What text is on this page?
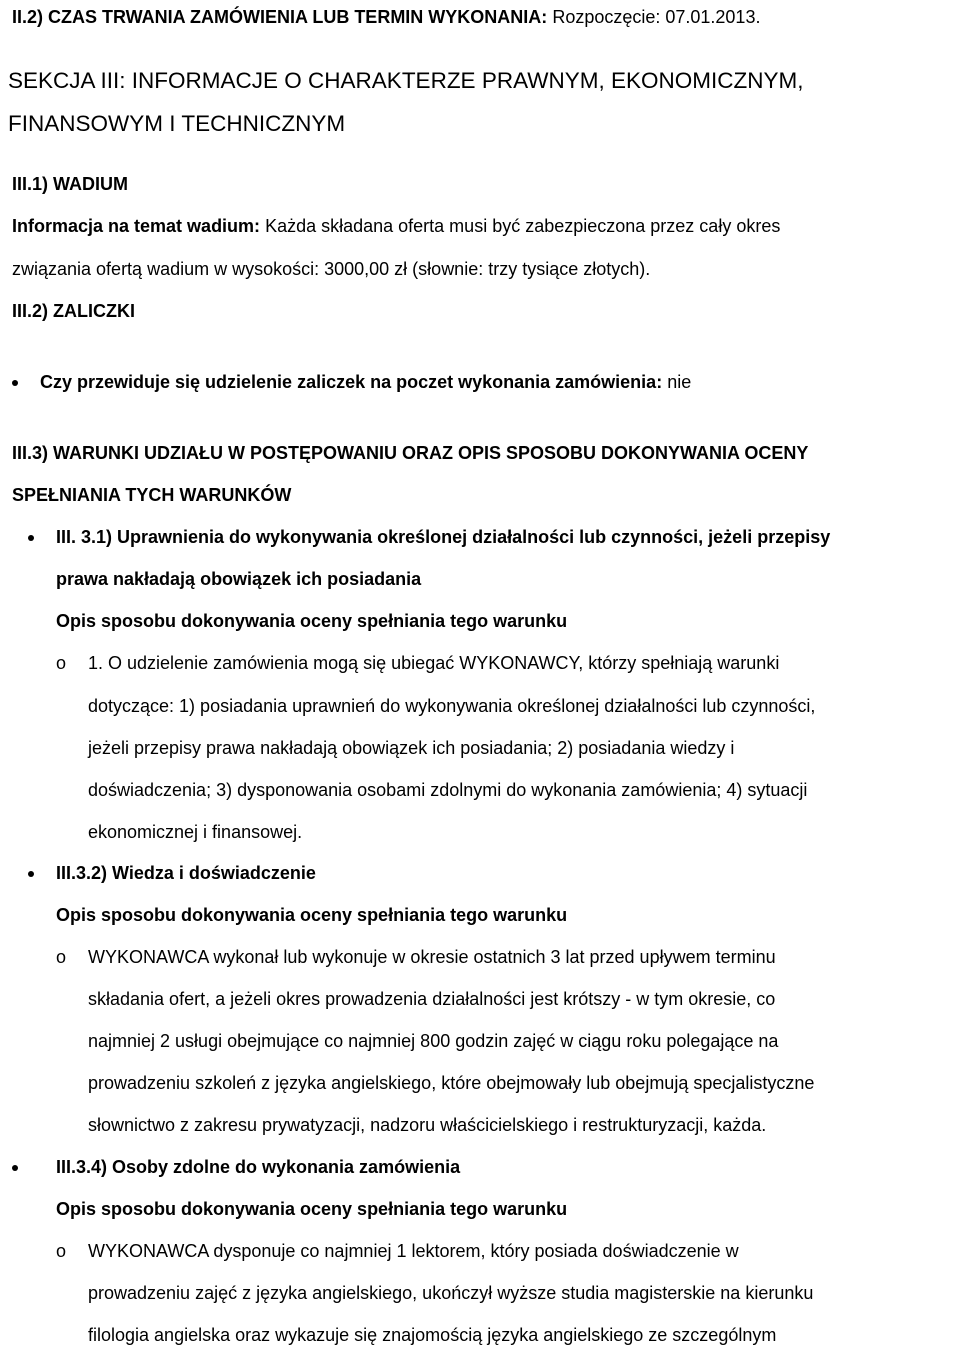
II.2) CZAS TRWANIA ZAMÓWIENIA LUB TERMIN WYKONANIA: Rozpoczęcie: 07.01.2013.
SEKCJA III: INFORMACJE O CHARAKTERZE PRAWNYM, EKONOMICZNYM,
FINANSOWYM I TECHNICZNYM
III.1) WADIUM
Informacja na temat wadium: Każda składana oferta musi być zabezpieczona przez cały okres
związania ofertą wadium w wysokości: 3000,00 zł (słownie: trzy tysiące złotych).
III.2) ZALICZKI
Czy przewiduje się udzielenie zaliczek na poczet wykonania zamówienia: nie
III.3) WARUNKI UDZIAŁU W POSTĘPOWANIU ORAZ OPIS SPOSOBU DOKONYWANIA OCENY
SPEŁNIANIA TYCH WARUNKÓW
III. 3.1) Uprawnienia do wykonywania określonej działalności lub czynności, jeżeli przepisy
prawa nakładają obowiązek ich posiadania
Opis sposobu dokonywania oceny spełniania tego warunku
o 1. O udzielenie zamówienia mogą się ubiegać WYKONAWCY, którzy spełniają warunki
dotyczące: 1) posiadania uprawnień do wykonywania określonej działalności lub czynności,
jeżeli przepisy prawa nakładają obowiązek ich posiadania; 2) posiadania wiedzy i
doświadczenia; 3) dysponowania osobami zdolnymi do wykonania zamówienia; 4) sytuacji
ekonomicznej i finansowej.
III.3.2) Wiedza i doświadczenie
Opis sposobu dokonywania oceny spełniania tego warunku
o WYKONAWCA wykonał lub wykonuje w okresie ostatnich 3 lat przed upływem terminu
składania ofert, a jeżeli okres prowadzenia działalności jest krótszy - w tym okresie, co
najmniej 2 usługi obejmujące co najmniej 800 godzin zajęć w ciągu roku polegające na
prowadzeniu szkoleń z języka angielskiego, które obejmowały lub obejmują specjalistyczne
słownictwo z zakresu prywatyzacji, nadzoru właścicielskiego i restrukturyzacji, każda.
III.3.4) Osoby zdolne do wykonania zamówienia
Opis sposobu dokonywania oceny spełniania tego warunku
o WYKONAWCA dysponuje co najmniej 1 lektorem, który posiada doświadczenie w
prowadzeniu zajęć z języka angielskiego, ukończył wyższe studia magisterskie na kierunku
filologia angielska oraz wykazuje się znajomością języka angielskiego ze szczególnym
